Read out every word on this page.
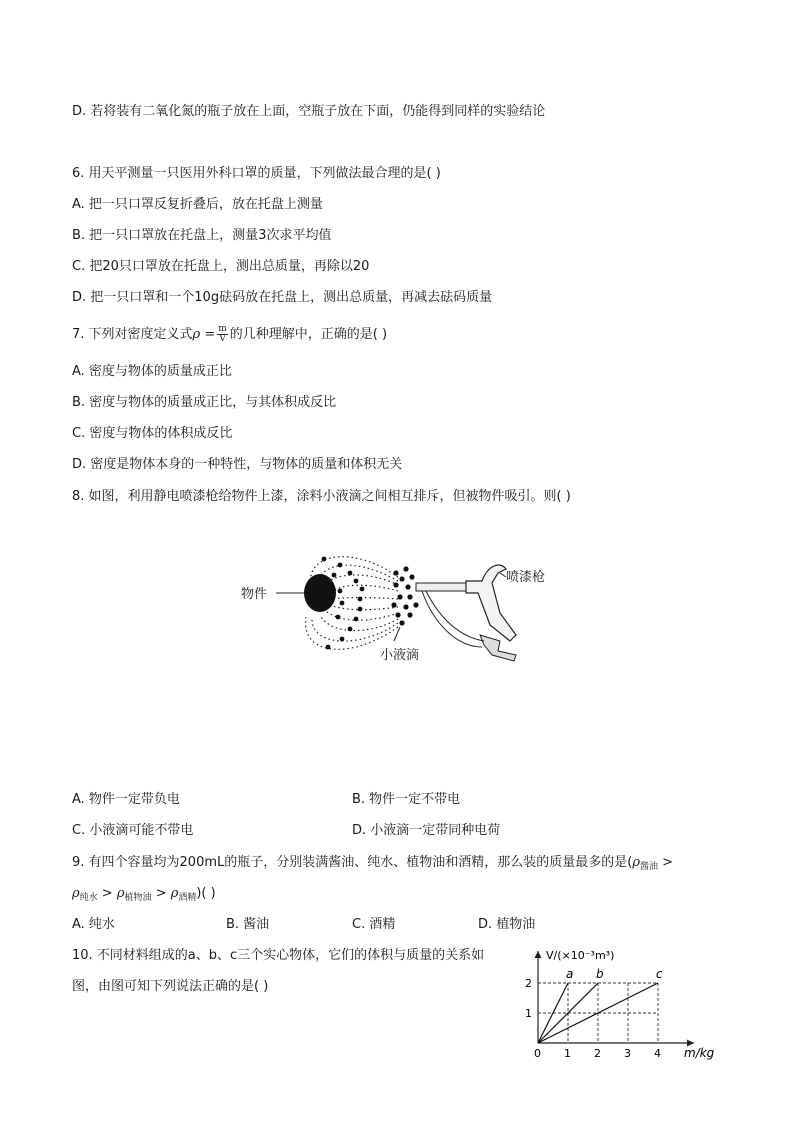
D. 若将装有二氧化氮的瓶子放在上面，空瓶子放在下面，仍能得到同样的实验结论
6. 用天平测量一只医用外科口罩的质量，下列做法最合理的是( )
A. 把一只口罩反复折叠后，放在托盘上测量
B. 把一只口罩放在托盘上，测量3次求平均值
C. 把20只口罩放在托盘上，测出总质量，再除以20
D. 把一只口罩和一个10g砝码放在托盘上，测出总质量，再减去砝码质量
7. 下列对密度定义式$\rho = \frac{m}{V}$ 的几种理解中，正确的是( )
A. 密度与物体的质量成正比
B. 密度与物体的质量成正比，与其体积成反比
C. 密度与物体的体积成反比
D. 密度是物体本身的一种特性，与物体的质量和体积无关
8. 如图，利用静电喷漆枪给物件上漆，涂料小液滴之间相互排斥，但被物件吸引。则( )
物件
喷漆枪
小液滴
A. 物件一定带负电	B. 物件一定不带电
C. 小液滴可能不带电	D. 小液滴一定带同种电荷
9. 有四个容量均为200mL的瓶子，分别装满酱油、纯水、植物油和酒精，那么装的质量最多的是($\rho_{酱油}$ >
$\rho_{纯水} > \rho_{植物油} > \rho_{酒精}$)( )
A. 纯水	B. 酱油	C. 酒精	D. 植物油
10. 不同材料组成的a、b、c三个实心物体，它们的体积与质量的关系如
图，由图可知下列说法正确的是( )
a b	c
0 1 2 3 4
1
2
m/kg
V/(×10⁻³m³)
